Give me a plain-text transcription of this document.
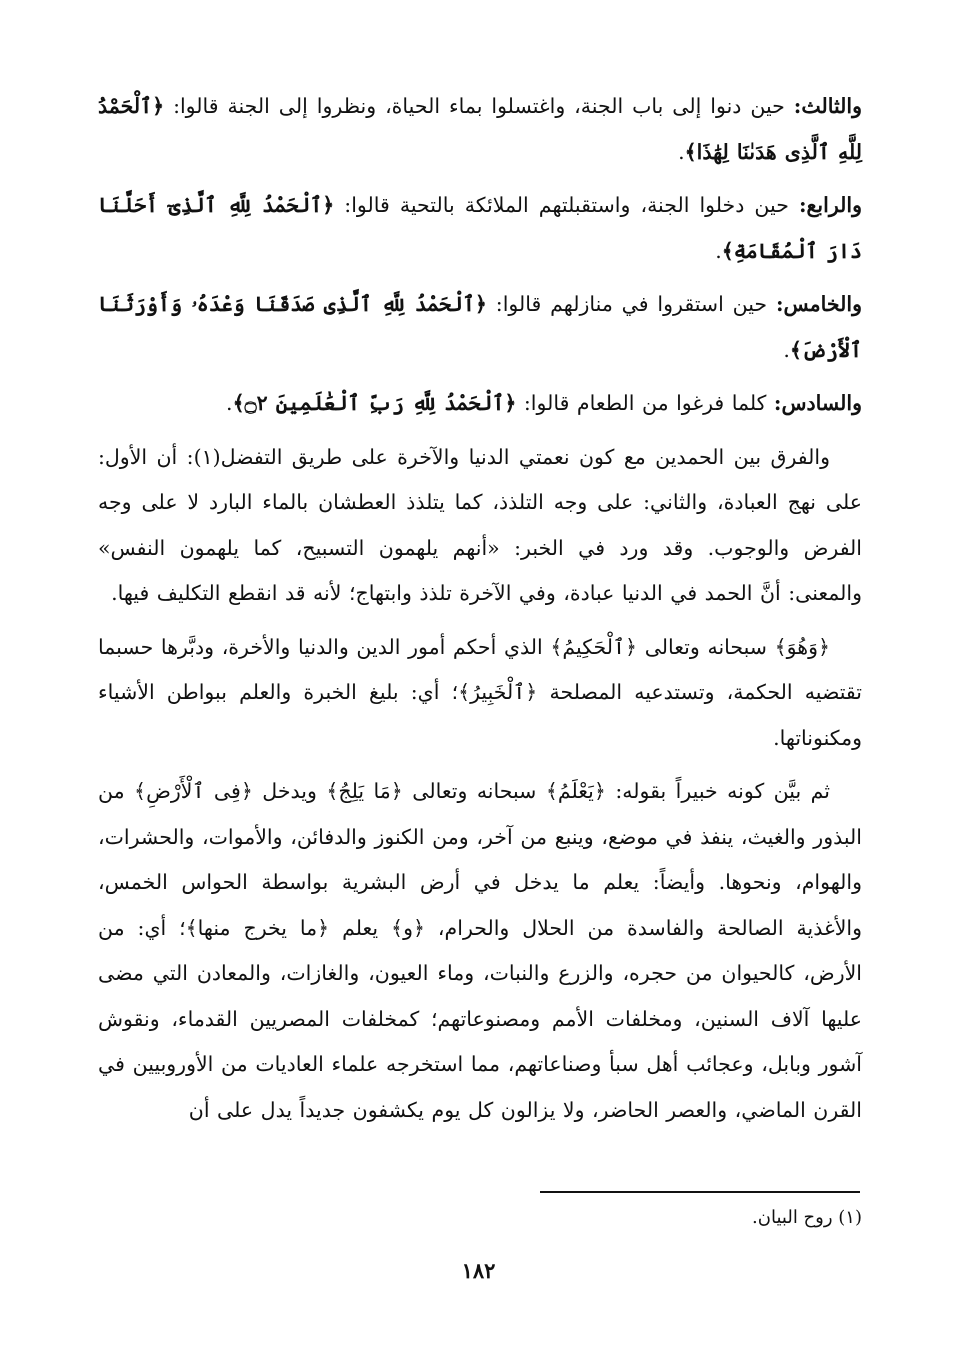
والثالث: حين دنوا إلى باب الجنة، واغتسلوا بماء الحياة، ونظروا إلى الجنة قالوا: ﴿ٱلْحَمْدُ لِلَّهِ ٱلَّذِى هَدَىٰنَا لِهَٰذَا﴾.

والرابع: حين دخلوا الجنة، واستقبلتهم الملائكة بالتحية قالوا: ﴿ٱلْحَمْدُ لِلَّهِ ٱلَّذِىٓ أَحَلَّنَا دَارَ ٱلْمُقَامَةِ﴾.

والخامس: حين استقروا في منازلهم قالوا: ﴿ٱلْحَمْدُ لِلَّهِ ٱلَّذِى صَدَقَنَا وَعْدَهُۥ وَأَوْرَثَنَا ٱلْأَرْضَ﴾.

والسادس: كلما فرغوا من الطعام قالوا: ﴿ٱلْحَمْدُ لِلَّهِ رَبِّ ٱلْعَٰلَمِينَ ۝٢﴾.

والفرق بين الحمدين مع كون نعمتي الدنيا والآخرة على طريق التفضل(١): أن الأول: على نهج العبادة، والثاني: على وجه التلذذ، كما يتلذذ العطشان بالماء البارد لا على وجه الفرض والوجوب. وقد ورد في الخبر: «أنهم يلهمون التسبيح، كما يلهمون النفس» والمعنى: أنَّ الحمد في الدنيا عبادة، وفي الآخرة تلذذ وابتهاج؛ لأنه قد انقطع التكليف فيها.

﴿وَهُوَ﴾ سبحانه وتعالى ﴿ٱلْحَكِيمُ﴾ الذي أحكم أمور الدين والدنيا والأخرة، ودبَّرها حسبما تقتضيه الحكمة، وتستدعيه المصلحة ﴿ٱلْخَبِيرُ﴾؛ أي: بليغ الخبرة والعلم ببواطن الأشياء ومكنوناتها.

ثم بيَّن كونه خبيراً بقوله: ﴿يَعْلَمُ﴾ سبحانه وتعالى ﴿مَا يَلِجُ﴾ ويدخل ﴿فِى ٱلْأَرْضِ﴾ من البذور والغيث، ينفذ في موضع، وينبع من آخر، ومن الكنوز والدفائن، والأموات، والحشرات، والهوام، ونحوها. وأيضاً: يعلم ما يدخل في أرض البشرية بواسطة الحواس الخمس، والأغذية الصالحة والفاسدة من الحلال والحرام، ﴿و﴾ يعلم ﴿ما يخرج منها﴾؛ أي: من الأرض، كالحيوان من حجره، والزرع والنبات، وماء العيون، والغازات، والمعادن التي مضى عليها آلاف السنين، ومخلفات الأمم ومصنوعاتهم؛ كمخلفات المصريين القدماء، ونقوش آشور وبابل، وعجائب أهل سبأ وصناعاتهم، مما استخرجه علماء العاديات من الأوروبيين في القرن الماضي، والعصر الحاضر، ولا يزالون كل يوم يكشفون جديداً يدل على أن

(١) روح البيان.
١٨٢
